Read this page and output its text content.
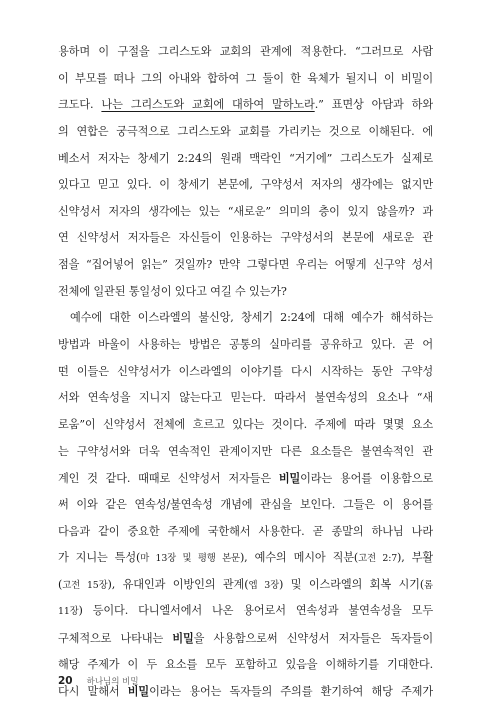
용하며 이 구절을 그리스도와 교회의 관계에 적용한다. “그러므로 사람
이 부모를 떠나 그의 아내와 합하여 그 둘이 한 육체가 될지니 이 비밀이
크도다. 나는 그리스도와 교회에 대하여 말하노라.” 표면상 아담과 하와
의 연합은 궁극적으로 그리스도와 교회를 가리키는 것으로 이해된다. 에
베소서 저자는 창세기 2:24의 원래 맥락인 “거기에” 그리스도가 실제로
있다고 믿고 있다. 이 창세기 본문에, 구약성서 저자의 생각에는 없지만
신약성서 저자의 생각에는 있는 “새로운” 의미의 층이 있지 않을까? 과
연 신약성서 저자들은 자신들이 인용하는 구약성서의 본문에 새로운 관
점을 “집어넣어 읽는” 것일까? 만약 그렇다면 우리는 어떻게 신구약 성서
전체에 일관된 통일성이 있다고 여길 수 있는가?
예수에 대한 이스라엘의 불신앙, 창세기 2:24에 대해 예수가 해석하는
방법과 바울이 사용하는 방법은 공통의 실마리를 공유하고 있다. 곧 어
떤 이들은 신약성서가 이스라엘의 이야기를 다시 시작하는 동안 구약성
서와 연속성을 지니지 않는다고 믿는다. 따라서 불연속성의 요소나 “새
로움”이 신약성서 전체에 흐르고 있다는 것이다. 주제에 따라 몇몇 요소
는 구약성서와 더욱 연속적인 관계이지만 다른 요소들은 불연속적인 관
계인 것 같다. 때때로 신약성서 저자들은 비밀이라는 용어를 이용함으로
써 이와 같은 연속성/불연속성 개념에 관심을 보인다. 그들은 이 용어를
다음과 같이 중요한 주제에 국한해서 사용한다. 곧 종말의 하나님 나라
가 지니는 특성(마 13장 및 평행 본문), 예수의 메시아 직분(고전 2:7), 부활
(고전 15장), 유대인과 이방인의 관계(엡 3장) 및 이스라엘의 회복 시기(롬
11장) 등이다. 다니엘서에서 나온 용어로서 연속성과 불연속성을 모두
구체적으로 나타내는 비밀을 사용함으로써 신약성서 저자들은 독자들이
해당 주제가 이 두 요소를 모두 포함하고 있음을 이해하기를 기대한다.
다시 말해서 비밀이라는 용어는 독자들의 주의를 환기하여 해당 주제가
20 하나님의 비밀
